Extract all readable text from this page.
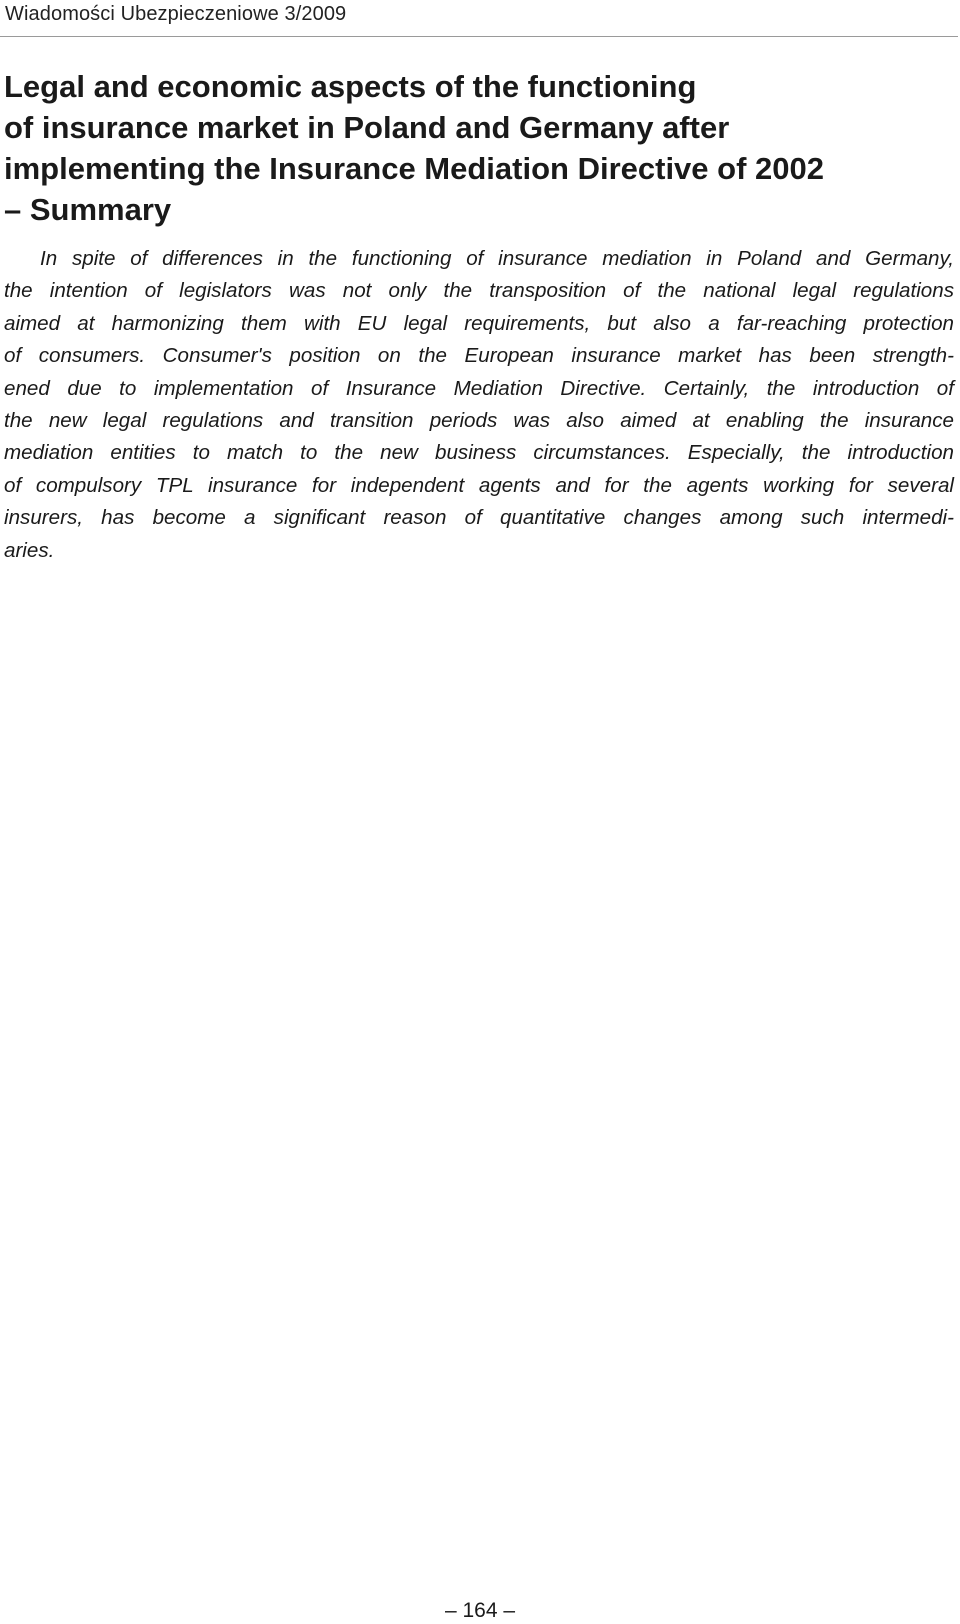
Wiadomości Ubezpieczeniowe 3/2009
Legal and economic aspects of the functioning
of insurance market in Poland and Germany after
implementing the Insurance Mediation Directive of 2002
– Summary
In spite of differences in the functioning of insurance mediation in Poland and Germany,
the intention of legislators was not only the transposition of the national legal regulations
aimed at harmonizing them with EU legal requirements, but also a far-reaching protection
of consumers. Consumer's position on the European insurance market has been strength-
ened due to implementation of Insurance Mediation Directive. Certainly, the introduction of
the new legal regulations and transition periods was also aimed at enabling the insurance
mediation entities to match to the new business circumstances. Especially, the introduction
of compulsory TPL insurance for independent agents and for the agents working for several
insurers, has become a significant reason of quantitative changes among such intermedi-
aries.
– 164 –
